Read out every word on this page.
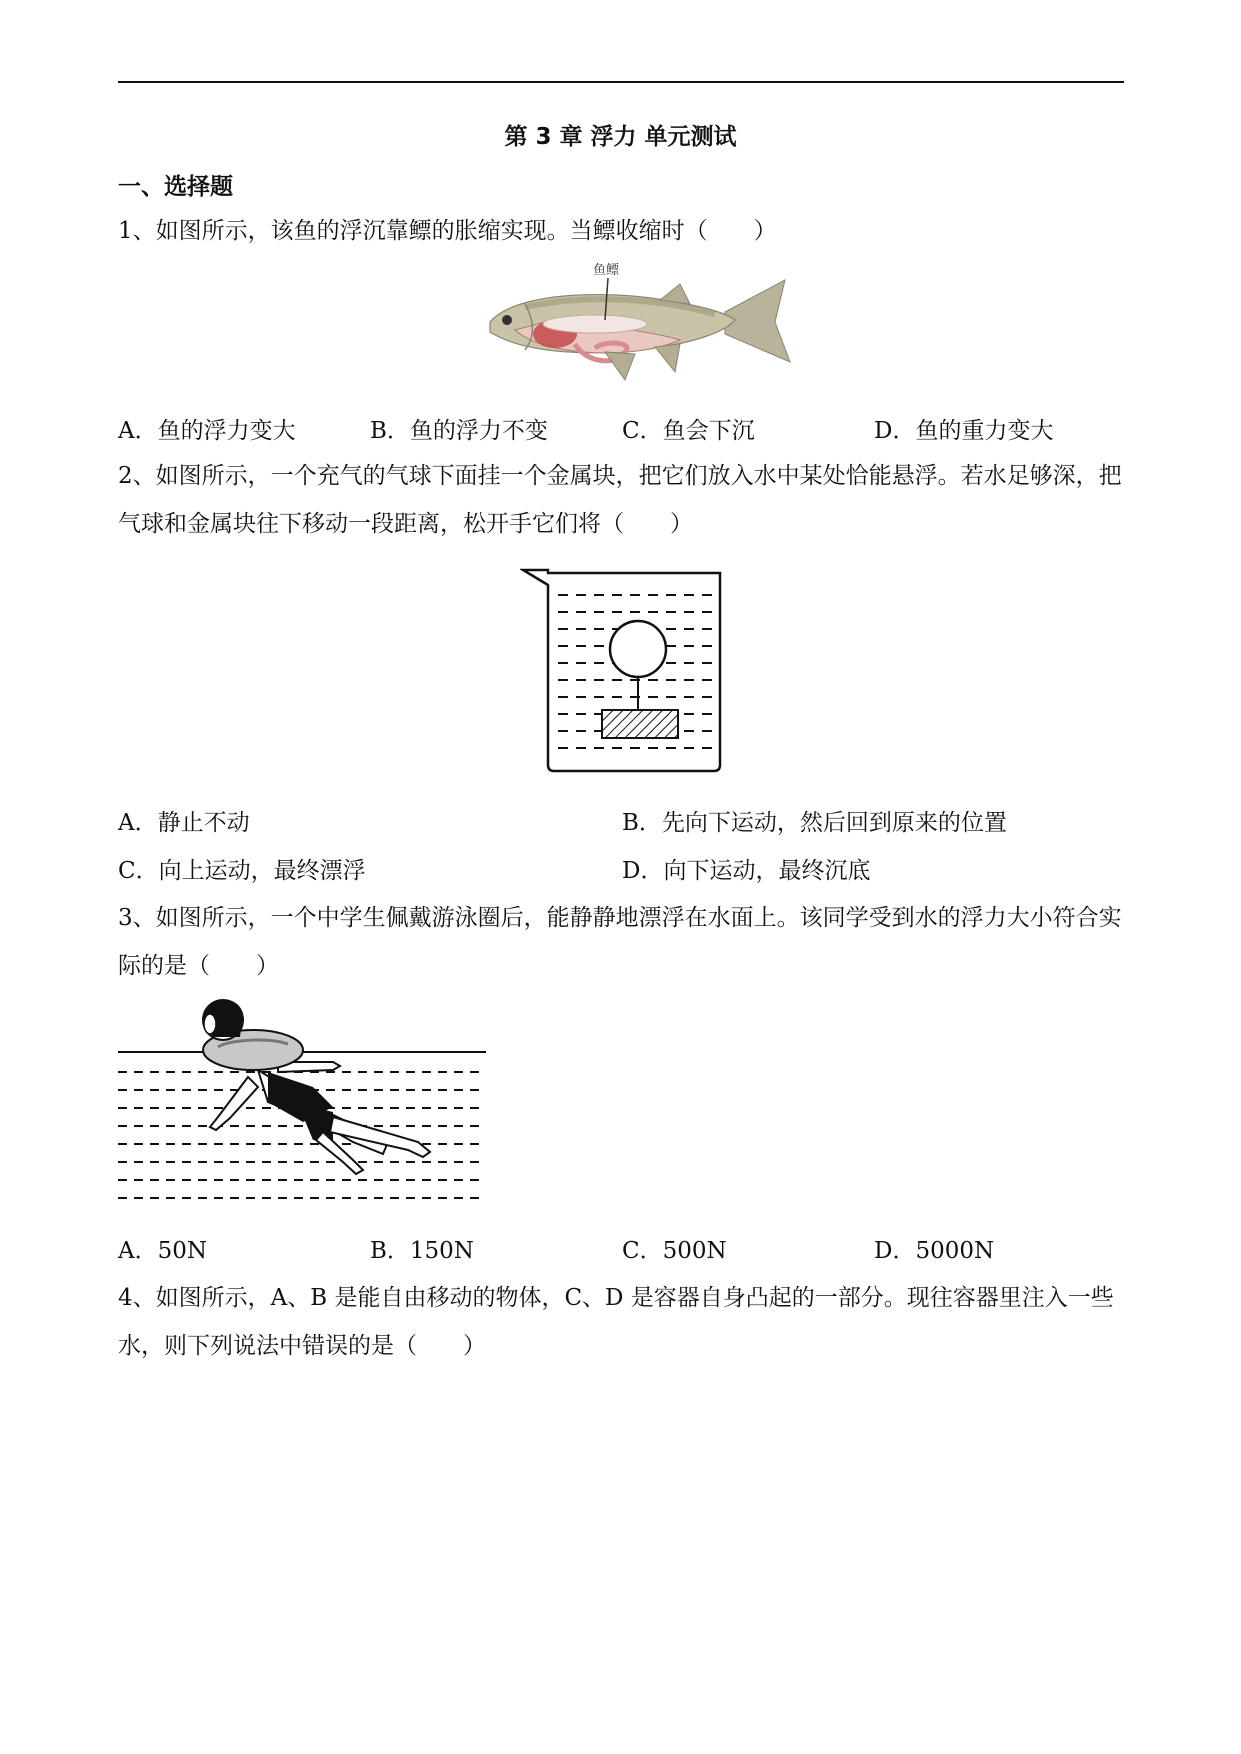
第 3 章 浮力 单元测试
一、选择题
1、如图所示，该鱼的浮沉靠鳔的胀缩实现。当鳔收缩时（　　）
鱼鳔
A．鱼的浮力变大	B．鱼的浮力不变	C．鱼会下沉	D．鱼的重力变大
2、如图所示，一个充气的气球下面挂一个金属块，把它们放入水中某处恰能悬浮。若水足够深，把气球和金属块往下移动一段距离，松开手它们将（　　）
A．静止不动	B．先向下运动，然后回到原来的位置
C．向上运动，最终漂浮	D．向下运动，最终沉底
3、如图所示，一个中学生佩戴游泳圈后，能静静地漂浮在水面上。该同学受到水的浮力大小符合实际的是（　　）
A．50N	B．150N	C．500N	D．5000N
4、如图所示，A、B 是能自由移动的物体，C、D 是容器自身凸起的一部分。现往容器里注入一些水，则下列说法中错误的是（　　）
